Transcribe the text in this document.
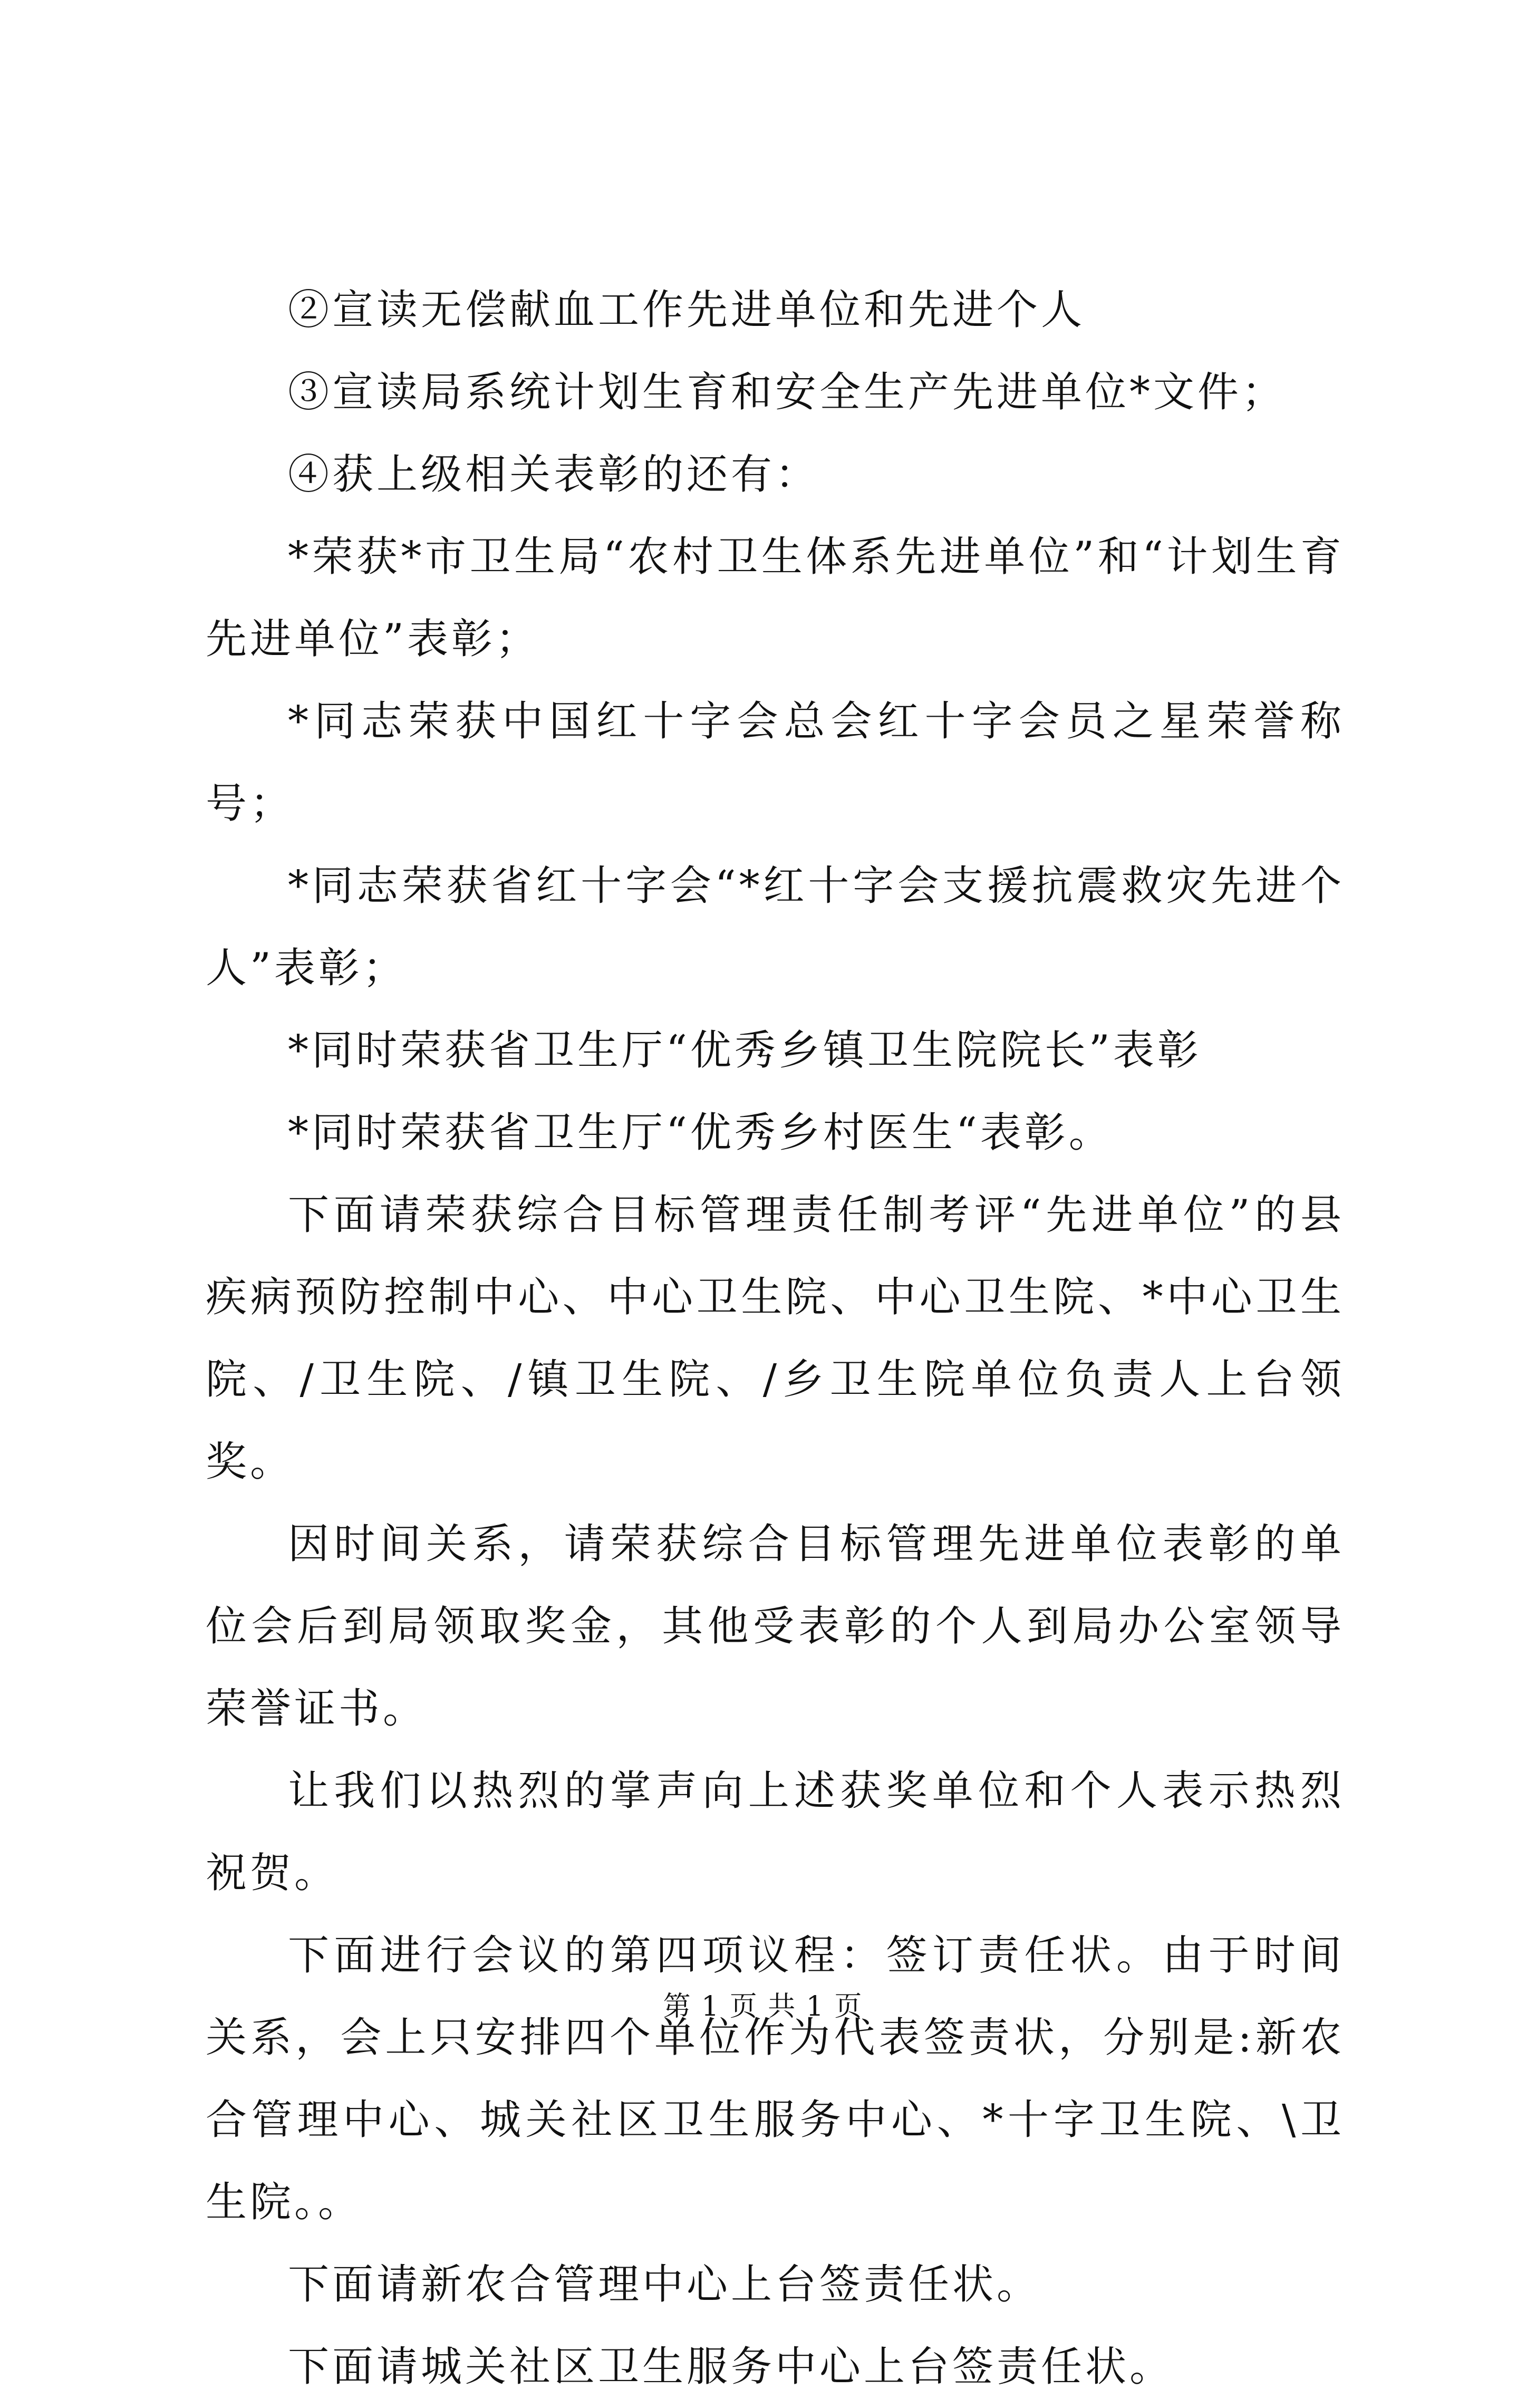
②宣读无偿献血工作先进单位和先进个人

③宣读局系统计划生育和安全生产先进单位*文件；

④获上级相关表彰的还有：

*荣获*市卫生局“农村卫生体系先进单位”和“计划生育先进单位”表彰；

*同志荣获中国红十字会总会红十字会员之星荣誉称号；

*同志荣获省红十字会“*红十字会支援抗震救灾先进个人”表彰；

*同时荣获省卫生厅“优秀乡镇卫生院院长”表彰

*同时荣获省卫生厅“优秀乡村医生“表彰。

下面请荣获综合目标管理责任制考评“先进单位”的县疾病预防控制中心、中心卫生院、中心卫生院、*中心卫生院、/卫生院、/镇卫生院、/乡卫生院单位负责人上台领奖。

因时间关系，请荣获综合目标管理先进单位表彰的单位会后到局领取奖金，其他受表彰的个人到局办公室领导荣誉证书。

让我们以热烈的掌声向上述获奖单位和个人表示热烈祝贺。

下面进行会议的第四项议程：签订责任状。由于时间关系，会上只安排四个单位作为代表签责状，分别是:新农合管理中心、城关社区卫生服务中心、*十字卫生院、\卫生院。。

下面请新农合管理中心上台签责任状。

下面请城关社区卫生服务中心上台签责任状。

第 1 页 共 1 页
